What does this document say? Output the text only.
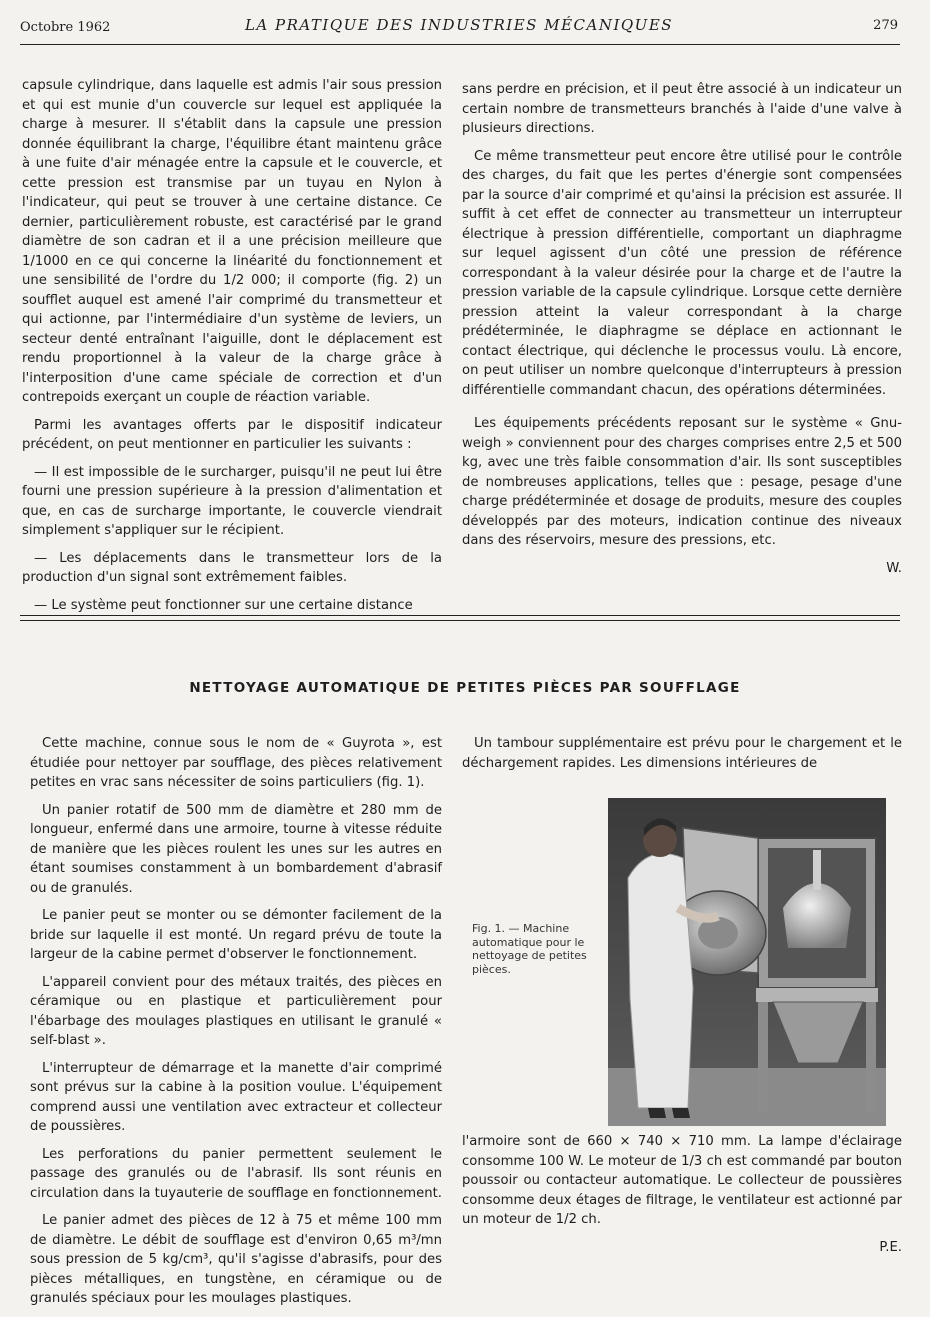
Octobre 1962	LA PRATIQUE DES INDUSTRIES MÉCANIQUES	279

capsule cylindrique, dans laquelle est admis l'air sous pression et qui est munie d'un couvercle sur lequel est appliquée la charge à mesurer. Il s'établit dans la capsule une pression donnée équilibrant la charge, l'équilibre étant maintenu grâce à une fuite d'air ménagée entre la capsule et le couvercle, et cette pression est transmise par un tuyau en Nylon à l'indicateur, qui peut se trouver à une certaine distance. Ce dernier, particulièrement robuste, est caractérisé par le grand diamètre de son cadran et il a une précision meilleure que 1/1000 en ce qui concerne la linéarité du fonctionnement et une sensibilité de l'ordre du 1/2 000; il comporte (fig. 2) un soufflet auquel est amené l'air comprimé du transmetteur et qui actionne, par l'intermédiaire d'un système de leviers, un secteur denté entraînant l'aiguille, dont le déplacement est rendu proportionnel à la valeur de la charge grâce à l'interposition d'une came spéciale de correction et d'un contrepoids exerçant un couple de réaction variable.

Parmi les avantages offerts par le dispositif indicateur précédent, on peut mentionner en particulier les suivants :

— Il est impossible de le surcharger, puisqu'il ne peut lui être fourni une pression supérieure à la pression d'alimentation et que, en cas de surcharge importante, le couvercle viendrait simplement s'appliquer sur le récipient.

— Les déplacements dans le transmetteur lors de la production d'un signal sont extrêmement faibles.

— Le système peut fonctionner sur une certaine distance

sans perdre en précision, et il peut être associé à un indicateur un certain nombre de transmetteurs branchés à l'aide d'une valve à plusieurs directions.

Ce même transmetteur peut encore être utilisé pour le contrôle des charges, du fait que les pertes d'énergie sont compensées par la source d'air comprimé et qu'ainsi la précision est assurée. Il suffit à cet effet de connecter au transmetteur un interrupteur électrique à pression différentielle, comportant un diaphragme sur lequel agissent d'un côté une pression de référence correspondant à la valeur désirée pour la charge et de l'autre la pression variable de la capsule cylindrique. Lorsque cette dernière pression atteint la valeur correspondant à la charge prédéterminée, le diaphragme se déplace en actionnant le contact électrique, qui déclenche le processus voulu. Là encore, on peut utiliser un nombre quelconque d'interrupteurs à pression différentielle commandant chacun, des opérations déterminées.

Les équipements précédents reposant sur le système « Gnu-weigh » conviennent pour des charges comprises entre 2,5 et 500 kg, avec une très faible consommation d'air. Ils sont susceptibles de nombreuses applications, telles que : pesage, pesage d'une charge prédéterminée et dosage de produits, mesure des couples développés par des moteurs, indication continue des niveaux dans des réservoirs, mesure des pressions, etc.

W.
NETTOYAGE AUTOMATIQUE DE PETITES PIÈCES PAR SOUFFLAGE

Cette machine, connue sous le nom de « Guyrota », est étudiée pour nettoyer par soufflage, des pièces relativement petites en vrac sans nécessiter de soins particuliers (fig. 1).

Un panier rotatif de 500 mm de diamètre et 280 mm de longueur, enfermé dans une armoire, tourne à vitesse réduite de manière que les pièces roulent les unes sur les autres en étant soumises constamment à un bombardement d'abrasif ou de granulés.

Le panier peut se monter ou se démonter facilement de la bride sur laquelle il est monté. Un regard prévu de toute la largeur de la cabine permet d'observer le fonctionnement.

L'appareil convient pour des métaux traités, des pièces en céramique ou en plastique et particulièrement pour l'ébarbage des moulages plastiques en utilisant le granulé « self-blast ».

L'interrupteur de démarrage et la manette d'air comprimé sont prévus sur la cabine à la position voulue. L'équipement comprend aussi une ventilation avec extracteur et collecteur de poussières.

Les perforations du panier permettent seulement le passage des granulés ou de l'abrasif. Ils sont réunis en circulation dans la tuyauterie de soufflage en fonctionnement.

Le panier admet des pièces de 12 à 75 et même 100 mm de diamètre. Le débit de soufflage est d'environ 0,65 m³/mn sous pression de 5 kg/cm³, qu'il s'agisse d'abrasifs, pour des pièces métalliques, en tungstène, en céramique ou de granulés spéciaux pour les moulages plastiques.

Un tambour supplémentaire est prévu pour le chargement et le déchargement rapides. Les dimensions intérieures de

Fig. 1. — Machine automatique pour le nettoyage de petites pièces.

l'armoire sont de 660 × 740 × 710 mm. La lampe d'éclairage consomme 100 W. Le moteur de 1/3 ch est commandé par bouton poussoir ou contacteur automatique. Le collecteur de poussières consomme deux étages de filtrage, le ventilateur est actionné par un moteur de 1/2 ch.

P.E.
